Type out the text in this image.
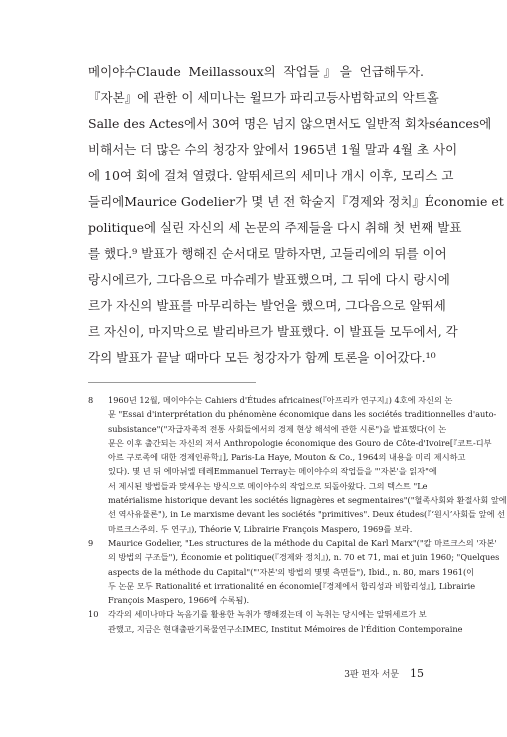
메이야수Claude Meillassoux의 작업들』을 언급해두자.
『자본』에 관한 이 세미나는 윌므가 파리고등사범학교의 악트홀
Salle des Actes에서 30여 명은 넘지 않으면서도 일반적 회차séances에
비해서는 더 많은 수의 청강자 앞에서 1965년 1월 말과 4월 초 사이
에 10여 회에 걸쳐 열렸다. 알뛰세르의 세미나 개시 이후, 모리스 고
들리에Maurice Godelier가 몇 년 전 학술지『경제와 정치』Économie et
politique에 실린 자신의 세 논문의 주제들을 다시 취해 첫 번째 발표
를 했다.⁹ 발표가 행해진 순서대로 말하자면, 고들리에의 뒤를 이어
랑시에르가, 그다음으로 마슈레가 발표했으며, 그 뒤에 다시 랑시에
르가 자신의 발표를 마무리하는 발언을 했으며, 그다음으로 알뛰세
르 자신이, 마지막으로 발리바르가 발표했다. 이 발표들 모두에서, 각
각의 발표가 끝날 때마다 모든 청강자가 함께 토론을 이어갔다.¹⁰
8 1960년 12월, 메이야수는 Cahiers d'Études africaines(『아프리카 연구지』) 4호에 자신의 논
문 "Essai d'interprétation du phénomène économique dans les sociétés traditionnelles d'auto-
subsistance"("자급자족적 전통 사회들에서의 경제 현상 해석에 관한 시론")을 발표했다(이 논
문은 이후 출간되는 자신의 저서 Anthropologie économique des Gouro de Côte-d'Ivoire[『코트-디부
아르 구로족에 대한 경제인류학』], Paris-La Haye, Mouton & Co., 1964의 내용을 미리 제시하고
있다). 몇 년 뒤 에마뉘엘 테레Emmanuel Terray는 메이야수의 작업들을 "'자본'을 읽자"에
서 제시된 방법들과 맞세우는 방식으로 메이야수의 작업으로 되돌아왔다. 그의 텍스트 "Le
matérialisme historique devant les sociétés lignagères et segmentaires"("혈족사회와 환절사회 앞에
선 역사유물론"), in Le marxisme devant les sociétés "primitives". Deux études(『‘원시’사회들 앞에 선
마르크스주의. 두 연구』), Théorie V, Librairie François Maspero, 1969를 보라.
9 Maurice Godelier, "Les structures de la méthode du Capital de Karl Marx"("칼 마르크스의 '자본'
의 방법의 구조들"), Économie et politique(『경제와 정치』), n. 70 et 71, mai et juin 1960; "Quelques
aspects de la méthode du Capital"("'자본'의 방법의 몇몇 측면들"), Ibid., n. 80, mars 1961(이
두 논문 모두 Rationalité et irrationalité en économie[『경제에서 합리성과 비합리성』], Librairie
François Maspero, 1966에 수록됨).
10 각각의 세미나마다 녹음기를 활용한 녹취가 행해졌는데 이 녹취는 당시에는 알뛰세르가 보
관했고, 지금은 현대출판기록물연구소IMEC, Institut Mémoires de l'Édition Contemporaine
3판 편자 서문 15
